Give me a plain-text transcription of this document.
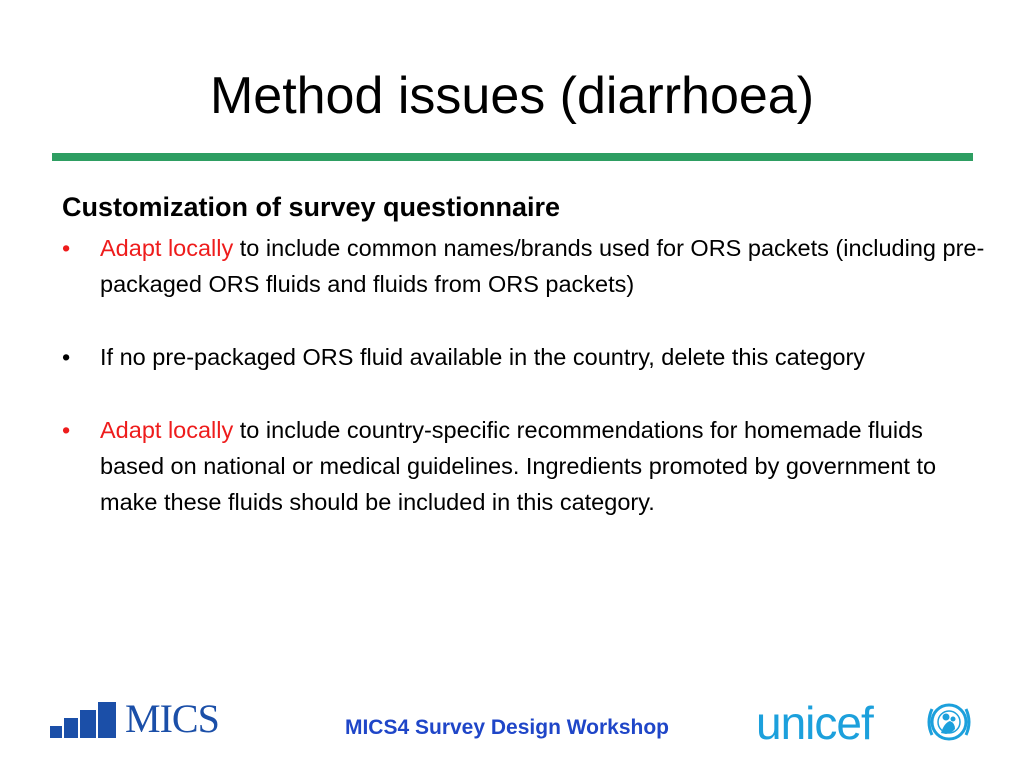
Method issues (diarrhoea)
Customization of survey questionnaire
•	Adapt locally to include common names/brands used for ORS packets (including pre-packaged ORS fluids and fluids from ORS packets)
•	If no pre-packaged ORS fluid available in the country, delete this category
•	Adapt locally to include country-specific recommendations for homemade fluids based on national or medical guidelines. Ingredients promoted by government to make these fluids should be included in this category.
MICS	MICS4 Survey Design Workshop	unicef
